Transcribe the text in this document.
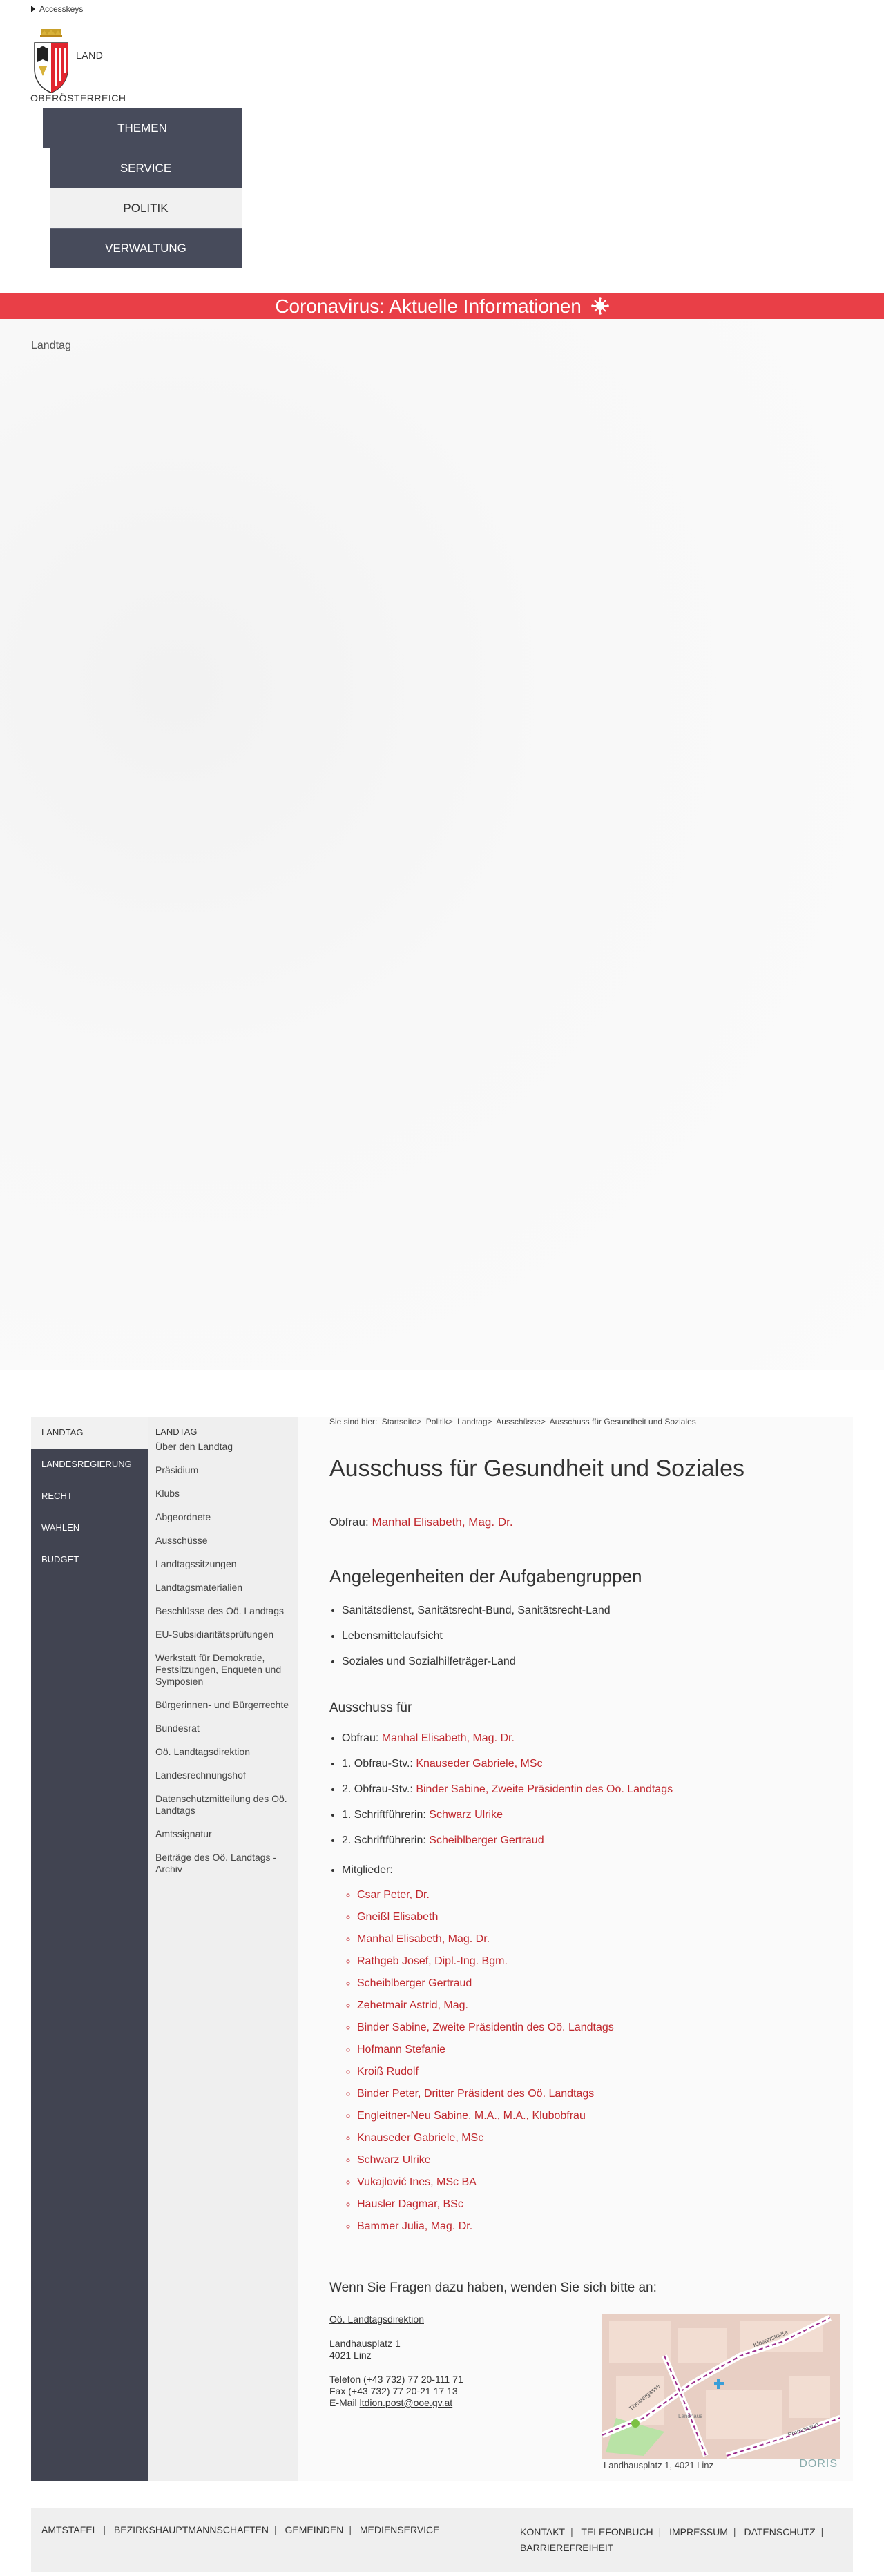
Accesskeys
LAND
OBERÖSTERREICH
THEMEN
SERVICE
POLITIK
VERWALTUNG
Coronavirus: Aktuelle Informationen
Landtag
LANDTAG
LANDESREGIERUNG
RECHT
WAHLEN
BUDGET
LANDTAG
Über den Landtag
Präsidium
Klubs
Abgeordnete
Ausschüsse
Landtagssitzungen
Landtagsmaterialien
Beschlüsse des Oö. Landtags
EU-Subsidiaritätsprüfungen
Werkstatt für Demokratie, Festsitzungen, Enqueten und Symposien
Bürgerinnen- und Bürgerrechte
Bundesrat
Oö. Landtagsdirektion
Landesrechnungshof
Datenschutzmitteilung des Oö. Landtags
Amtssignatur
Beiträge des Oö. Landtags - Archiv
Sie sind hier: Startseite> Politik> Landtag> Ausschüsse> Ausschuss für Gesundheit und Soziales
Ausschuss für Gesundheit und Soziales
Obfrau: Manhal Elisabeth, Mag. Dr.
Angelegenheiten der Aufgabengruppen
• Sanitätsdienst, Sanitätsrecht-Bund, Sanitätsrecht-Land
• Lebensmittelaufsicht
• Soziales und Sozialhilfeträger-Land
Ausschuss für
• Obfrau: Manhal Elisabeth, Mag. Dr.
• 1. Obfrau-Stv.: Knauseder Gabriele, MSc
• 2. Obfrau-Stv.: Binder Sabine, Zweite Präsidentin des Oö. Landtags
• 1. Schriftführerin: Schwarz Ulrike
• 2. Schriftführerin: Scheiblberger Gertraud
• Mitglieder:
◦ Csar Peter, Dr.
◦ Gneißl Elisabeth
◦ Manhal Elisabeth, Mag. Dr.
◦ Rathgeb Josef, Dipl.-Ing. Bgm.
◦ Scheiblberger Gertraud
◦ Zehetmair Astrid, Mag.
◦ Binder Sabine, Zweite Präsidentin des Oö. Landtags
◦ Hofmann Stefanie
◦ Kroiß Rudolf
◦ Binder Peter, Dritter Präsident des Oö. Landtags
◦ Engleitner-Neu Sabine, M.A., M.A., Klubobfrau
◦ Knauseder Gabriele, MSc
◦ Schwarz Ulrike
◦ Vukajlović Ines, MSc BA
◦ Häusler Dagmar, BSc
◦ Bammer Julia, Mag. Dr.
Wenn Sie Fragen dazu haben, wenden Sie sich bitte an:
Oö. Landtagsdirektion
Landhausplatz 1
4021 Linz
Telefon (+43 732) 77 20-111 71
Fax (+43 732) 77 20-21 17 13
E-Mail ltdion.post@ooe.gv.at
Klosterstraße
Theatergasse
Promenade
Landhaus
Landhausplatz 1, 4021 Linz	DORIS
AMTSTAFEL | BEZIRKSHAUPTMANNSCHAFTEN | GEMEINDEN | MEDIENSERVICE	KONTAKT | TELEFONBUCH | IMPRESSUM | DATENSCHUTZ |
BARRIEREFREIHEIT
